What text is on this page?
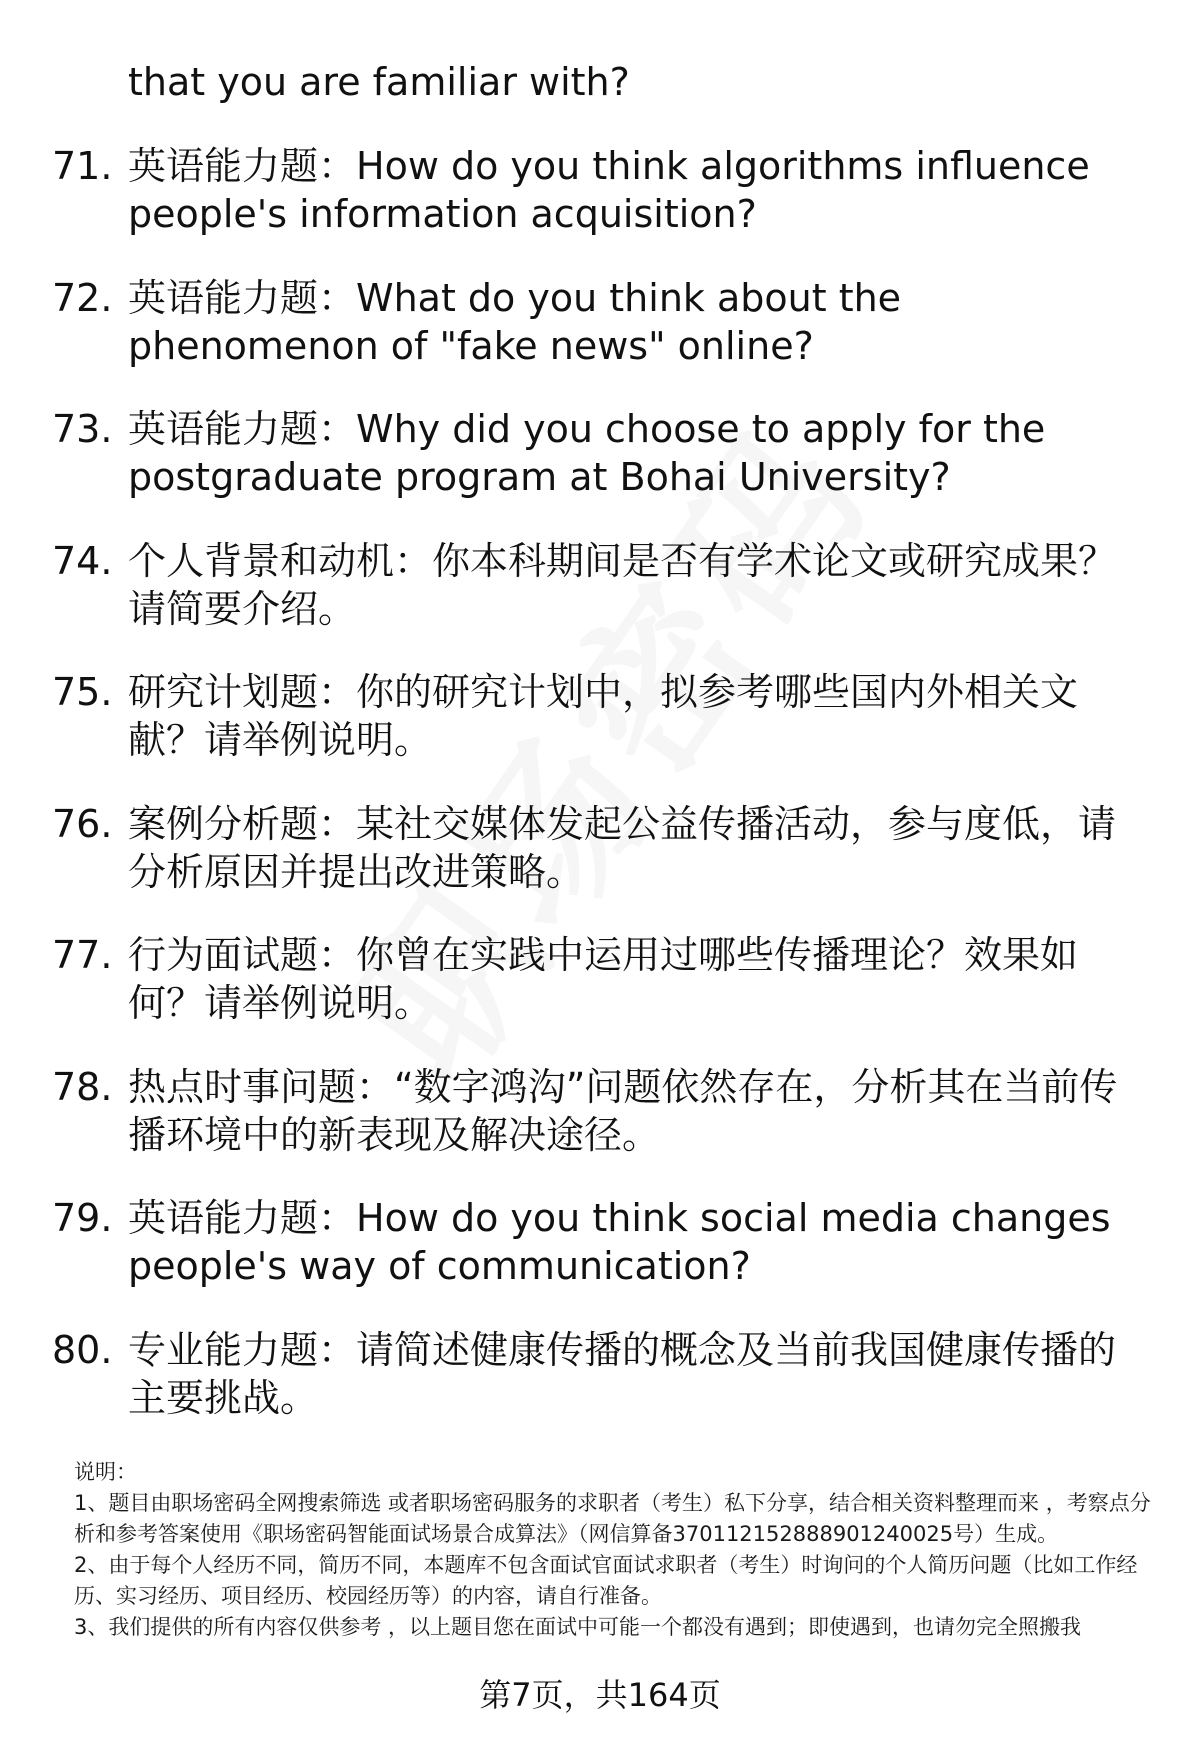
that you are familiar with?
71. 英语能力题：How do you think algorithms influence people's information acquisition?
72. 英语能力题：What do you think about the phenomenon of "fake news" online?
73. 英语能力题：Why did you choose to apply for the postgraduate program at Bohai University?
74. 个人背景和动机：你本科期间是否有学术论文或研究成果？请简要介绍。
75. 研究计划题：你的研究计划中，拟参考哪些国内外相关文献？请举例说明。
76. 案例分析题：某社交媒体发起公益传播活动，参与度低，请分析原因并提出改进策略。
77. 行为面试题：你曾在实践中运用过哪些传播理论？效果如何？请举例说明。
78. 热点时事问题：“数字鸿沟”问题依然存在，分析其在当前传播环境中的新表现及解决途径。
79. 英语能力题：How do you think social media changes people's way of communication?
80. 专业能力题：请简述健康传播的概念及当前我国健康传播的主要挑战。

说明：

1、题目由职场密码全网搜索筛选 或者职场密码服务的求职者（考生）私下分享，结合相关资料整理而来 ，考察点分析和参考答案使用《职场密码智能面试场景合成算法》（网信算备370112152888901240025号）生成。

2、由于每个人经历不同，简历不同，本题库不包含面试官面试求职者（考生）时询问的个人简历问题（比如工作经历、实习经历、项目经历、校园经历等）的内容，请自行准备。

3、我们提供的所有内容仅供参考 ，以上题目您在面试中可能一个都没有遇到；即使遇到，也请勿完全照搬我

第7页，共164页
